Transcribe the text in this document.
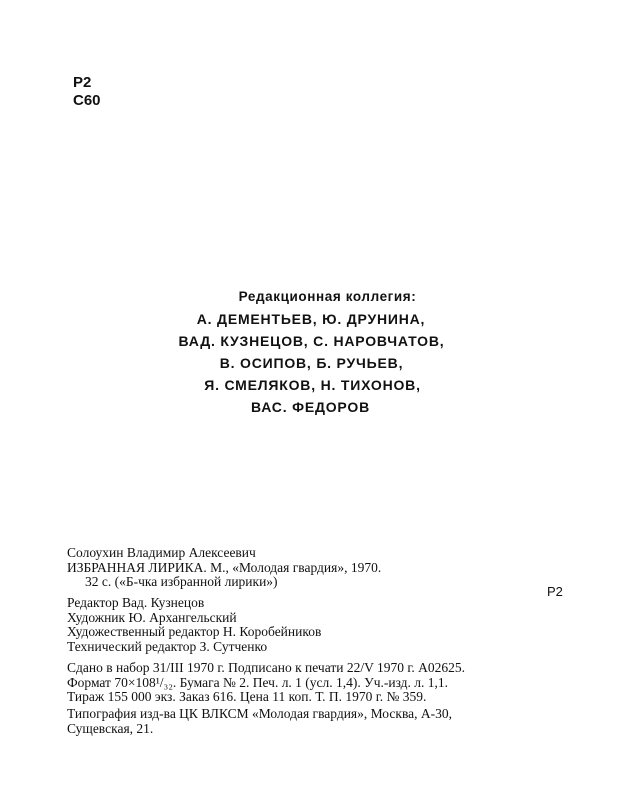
Р2
С60
Редакционная коллегия:
А. ДЕМЕНТЬЕВ, Ю. ДРУНИНА,
ВАД. КУЗНЕЦОВ, С. НАРОВЧАТОВ,
В. ОСИПОВ, Б. РУЧЬЕВ,
Я. СМЕЛЯКОВ, Н. ТИХОНОВ,
ВАС. ФЕДОРОВ
Солоухин Владимир Алексеевич
ИЗБРАННАЯ ЛИРИКА. М., «Молодая гвардия», 1970.
32 с. («Б-чка избранной лирики»)
Р2
Редактор Вад. Кузнецов
Художник Ю. Архангельский
Художественный редактор Н. Коробейников
Технический редактор З. Сутченко
Сдано в набор 31/III 1970 г. Подписано к печати 22/V 1970 г. А02625.
Формат 70×108¹/₃₂. Бумага № 2. Печ. л. 1 (усл. 1,4). Уч.-изд. л. 1,1.
Тираж 155 000 экз. Заказ 616. Цена 11 коп. Т. П. 1970 г. № 359.
Типография изд-ва ЦК ВЛКСМ «Молодая гвардия», Москва, А-30,
Сущевская, 21.
